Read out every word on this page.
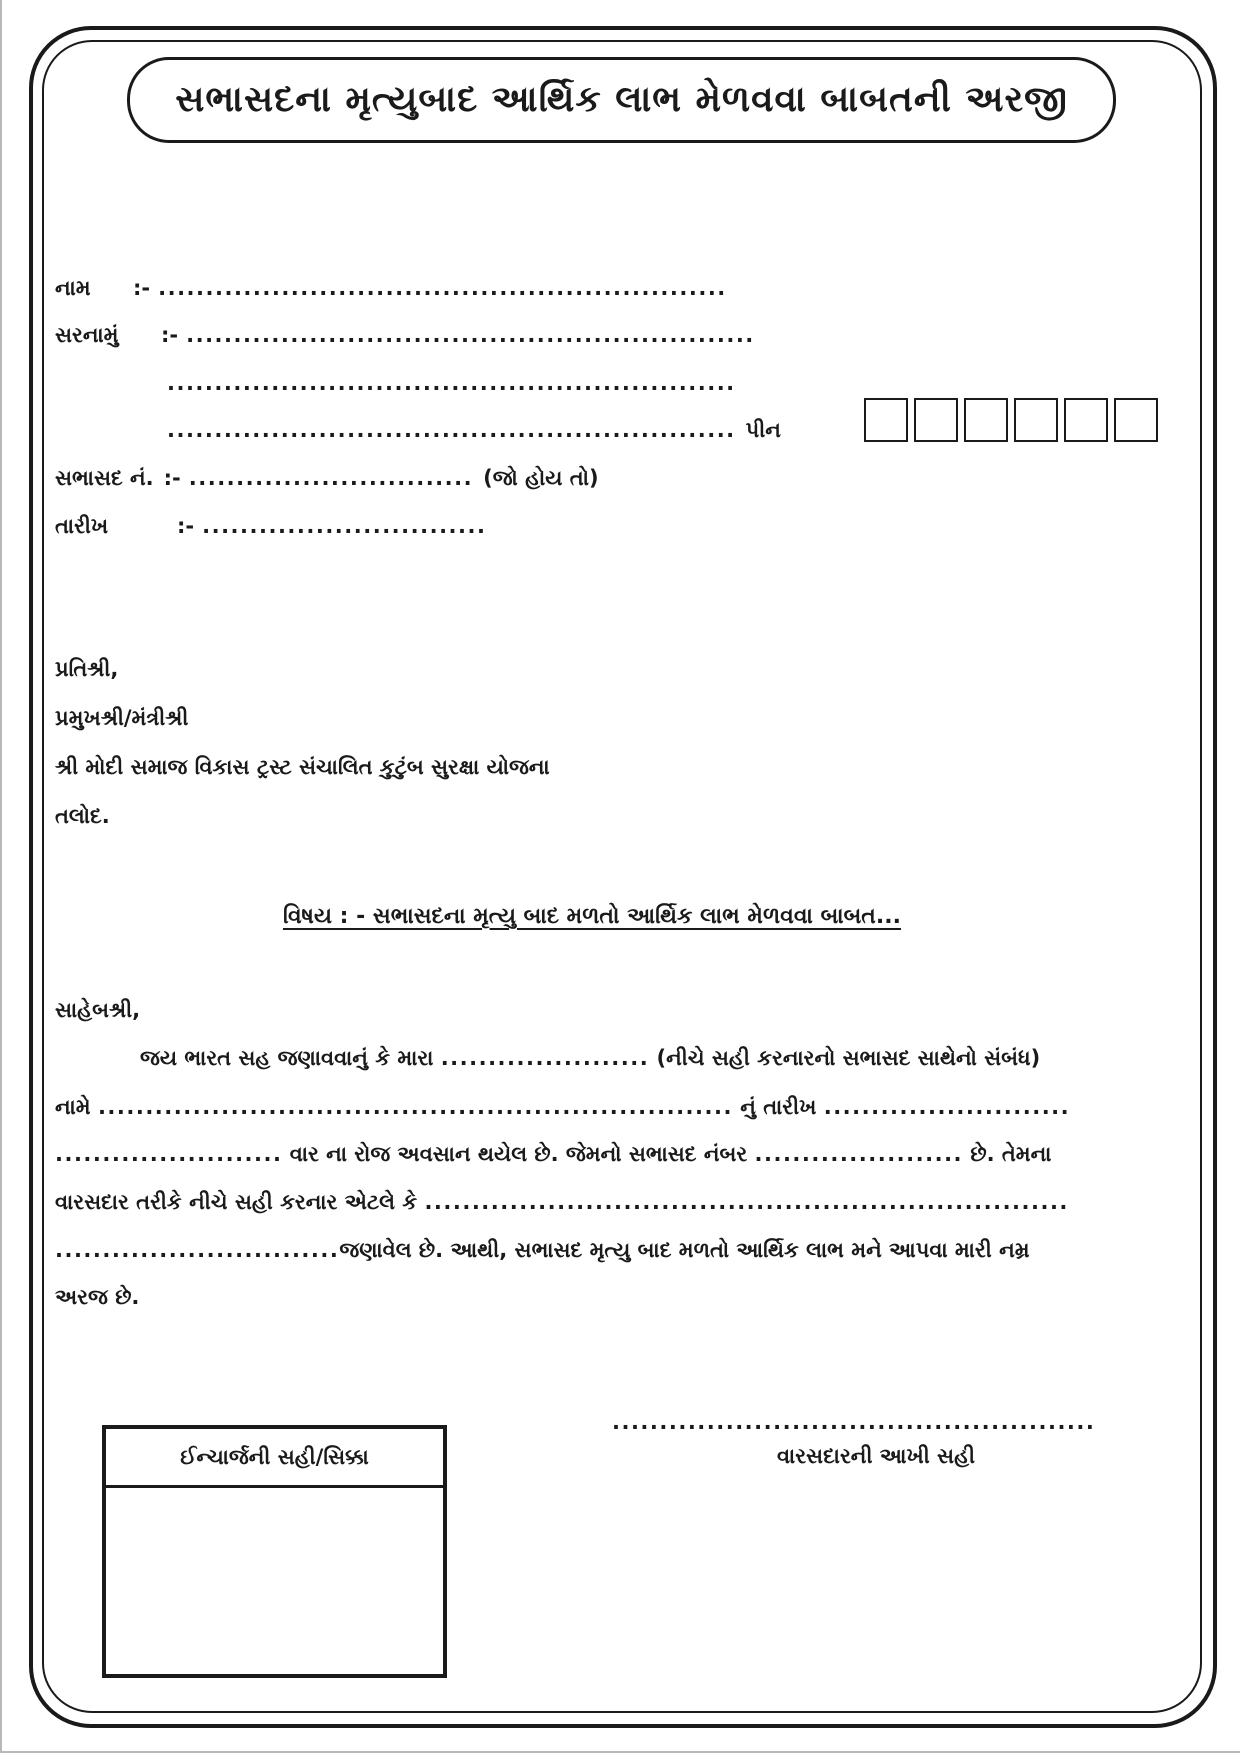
સભાસદના મૃત્યુબાદ આર્થિક લાભ મેળવવા બાબતની અરજી
નામ	:- ............................................................
સરનામું	:- ............................................................
............................................................
............................................................ પીન
સભાસદ નં. :- .............................. (જો હોય તો)
તારીખ	:- ..............................
પ્રતિશ્રી,
પ્રમુખશ્રી/મંત્રીશ્રી
શ્રી મોદી સમાજ વિકાસ ટ્રસ્ટ સંચાલિત કુટુંબ સુરક્ષા યોજના
તલોદ.
વિષય : - સભાસદના મૃત્યુ બાદ મળતો આર્થિક લાભ મેળવવા બાબત...
સાહેબશ્રી,
જય ભારત સહ જણાવવાનું કે મારા ...................... (નીચે સહી કરનારનો સભાસદ સાથેનો સંબંધ)
નામે ................................................................... નું તારીખ ..........................
........................ વાર ના રોજ અવસાન થયેલ છે. જેમનો સભાસદ નંબર ...................... છે. તેમના
વારસદાર તરીકે નીચે સહી કરનાર એટલે કે ....................................................................
..............................જણાવેલ છે. આથી, સભાસદ મૃત્યુ બાદ મળતો આર્થિક લાભ મને આપવા મારી નમ્ર
અરજ છે.
ઈન્ચાર્જની સહી/સિક્કા
...................................................
વારસદારની આખી સહી
